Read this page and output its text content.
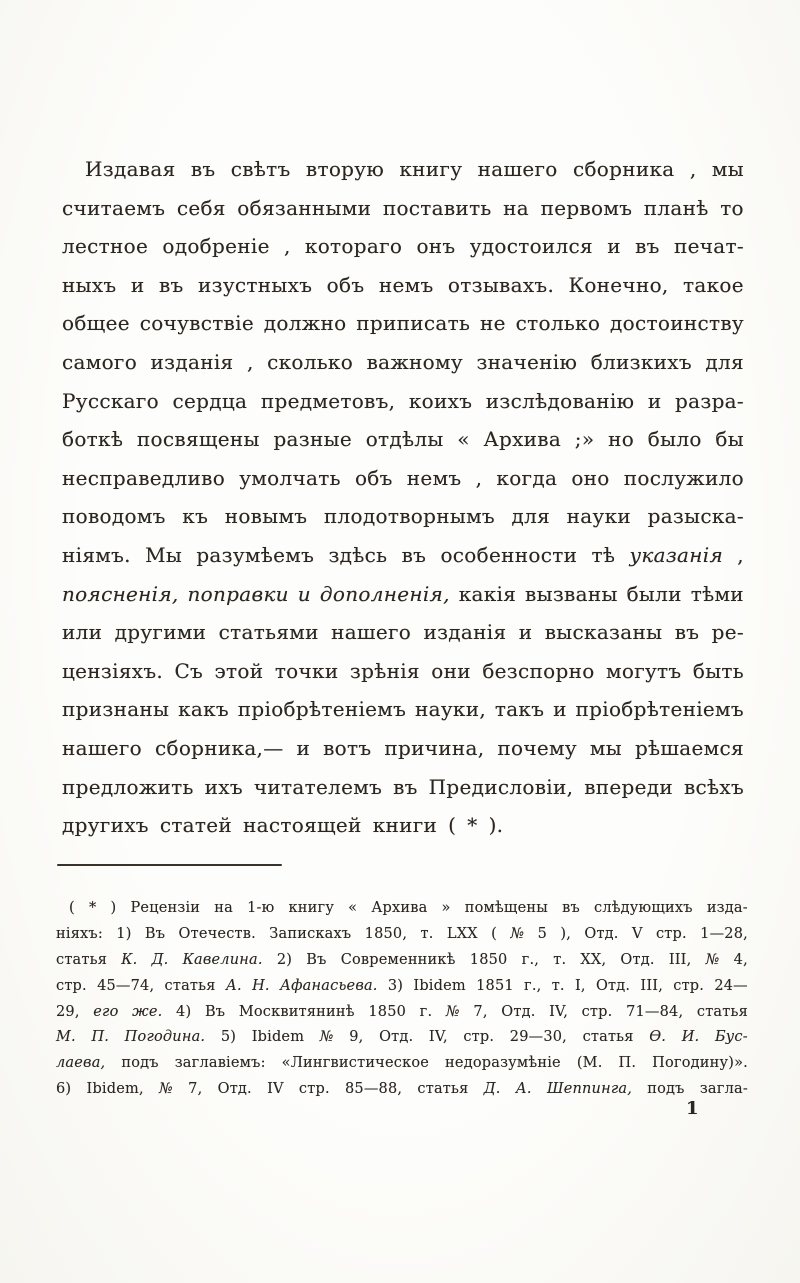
Издавая въ свѣтъ вторую книгу нашего сборника , мы
считаемъ себя обязанными поставить на первомъ планѣ то
лестное одобреніе , котораго онъ удостоился и въ печат-
ныхъ и въ изустныхъ объ немъ отзывахъ. Конечно, такое
общее сочувствіе должно приписать не столько достоинству
самого изданія , сколько важному значенію близкихъ для
Русскаго сердца предметовъ, коихъ изслѣдованію и разра-
боткѣ посвящены разные отдѣлы « Архива ;» но было бы
несправедливо умолчать объ немъ , когда оно послужило
поводомъ къ новымъ плодотворнымъ для науки разыска-
ніямъ. Мы разумѣемъ здѣсь въ особенности тѣ указанія ,
поясненія, поправки и дополненія, какія вызваны были тѣми
или другими статьями нашего изданія и высказаны въ ре-
цензіяхъ. Съ этой точки зрѣнія они безспорно могутъ быть
признаны какъ пріобрѣтеніемъ науки, такъ и пріобрѣтеніемъ
нашего сборника,— и вотъ причина, почему мы рѣшаемся
предложить ихъ читателемъ въ Предисловіи, впереди всѣхъ
другихъ статей настоящей книги ( * ).
( * ) Рецензіи на 1-ю книгу « Архива » помѣщены въ слѣдующихъ изда-
ніяхъ: 1) Въ Отечеств. Запискахъ 1850, т. LXX ( № 5 ), Отд. V стр. 1—28,
статья К. Д. Кавелина. 2) Въ Современникѣ 1850 г., т. XX, Отд. III, № 4,
стр. 45—74, статья А. Н. Афанасьева. 3) Ibidem 1851 г., т. I, Отд. III, стр. 24—
29, его же. 4) Въ Москвитянинѣ 1850 г. № 7, Отд. IV, стр. 71—84, статья
М. П. Погодина. 5) Ibidem № 9, Отд. IV, стр. 29—30, статья Ѳ. И. Бус-
лаева, подъ заглавіемъ: «Лингвистическое недоразумѣніе (М. П. Погодину)».
6) Ibidem, № 7, Отд. IV стр. 85—88, статья Д. А. Шеппинга, подъ загла-
1
